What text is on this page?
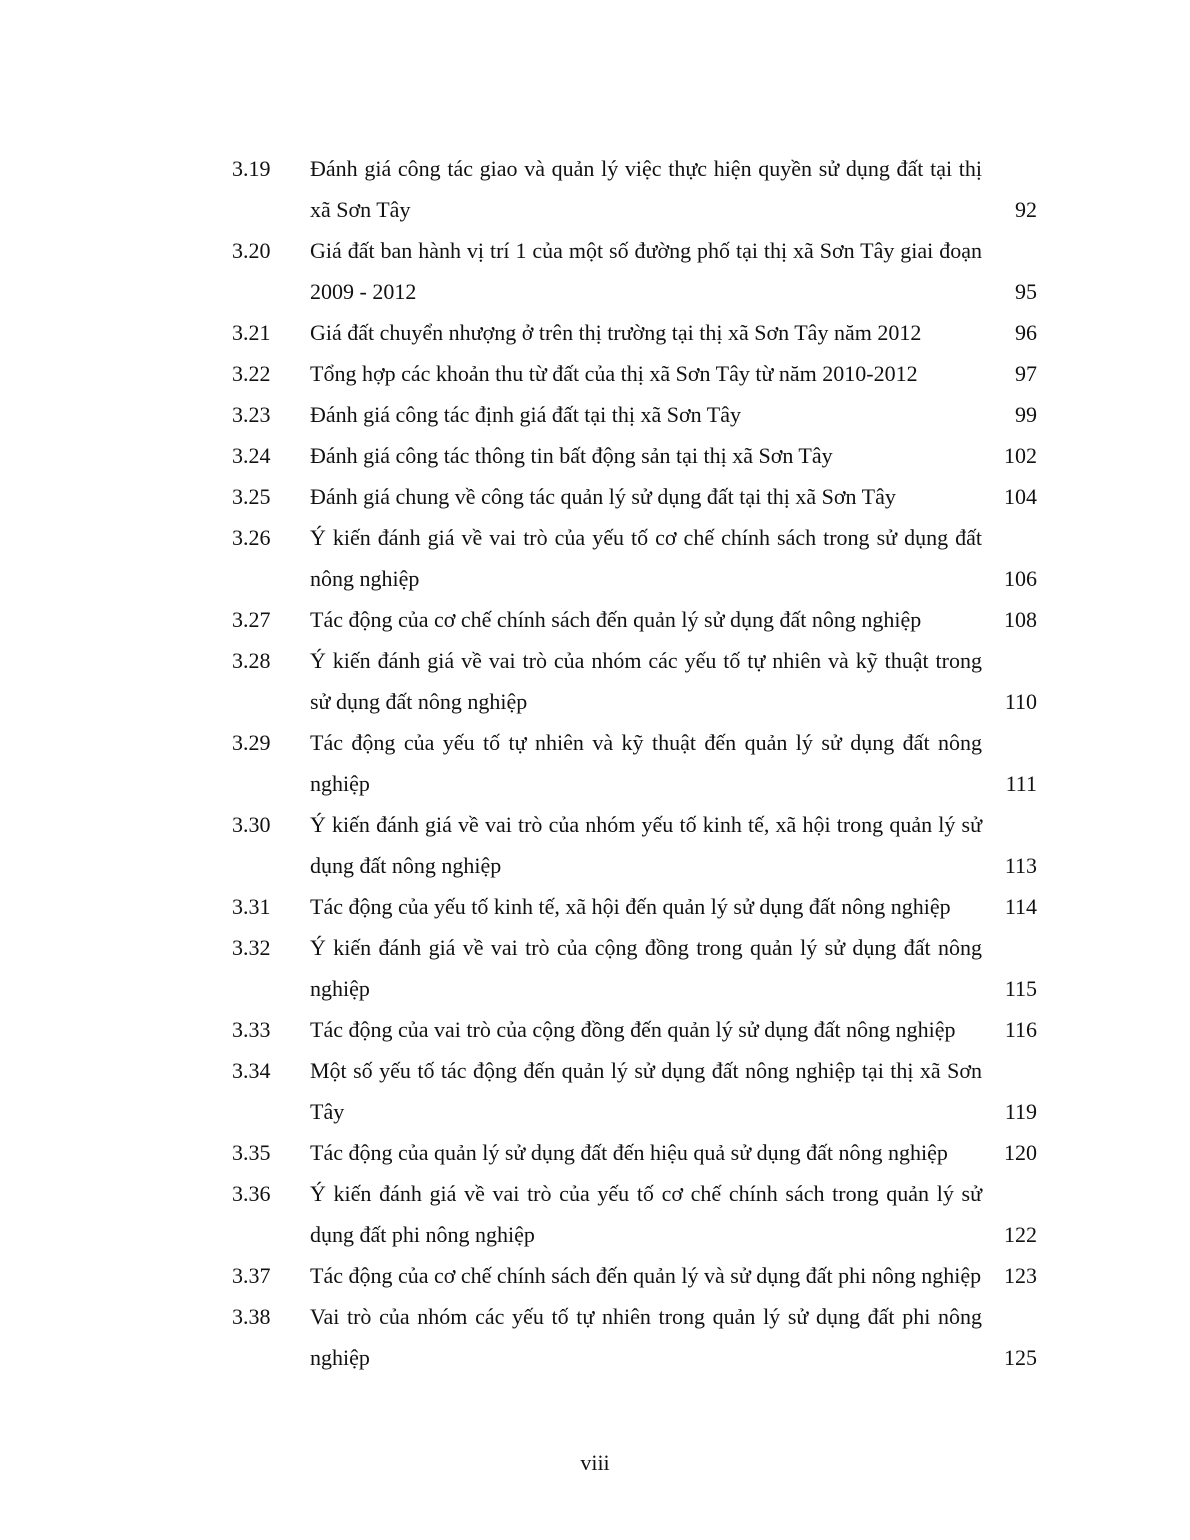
3.19	Đánh giá công tác giao và quản lý việc thực hiện quyền sử dụng đất tại thị xã Sơn Tây	92
3.20	Giá đất ban hành vị trí 1 của một số đường phố tại thị xã Sơn Tây giai đoạn 2009 - 2012	95
3.21	Giá đất chuyển nhượng ở trên thị trường tại thị xã Sơn Tây năm 2012	96
3.22	Tổng hợp các khoản thu từ đất của thị xã Sơn Tây từ năm 2010-2012	97
3.23	Đánh giá công tác định giá đất tại thị xã Sơn Tây	99
3.24	Đánh giá công tác thông tin bất động sản tại thị xã Sơn Tây	102
3.25	Đánh giá chung về công tác quản lý sử dụng đất tại thị xã Sơn Tây	104
3.26	Ý kiến đánh giá về vai trò của yếu tố cơ chế chính sách trong sử dụng đất nông nghiệp	106
3.27	Tác động của cơ chế chính sách đến quản lý sử dụng đất nông nghiệp	108
3.28	Ý kiến đánh giá về vai trò của nhóm các yếu tố tự nhiên và kỹ thuật trong sử dụng đất nông nghiệp	110
3.29	Tác động của yếu tố tự nhiên và kỹ thuật đến quản lý sử dụng đất nông nghiệp	111
3.30	Ý kiến đánh giá về vai trò của nhóm yếu tố kinh tế, xã hội trong quản lý sử dụng đất nông nghiệp	113
3.31	Tác động của yếu tố kinh tế, xã hội đến quản lý sử dụng đất nông nghiệp	114
3.32	Ý kiến đánh giá về vai trò của cộng đồng trong quản lý sử dụng đất nông nghiệp	115
3.33	Tác động của vai trò của cộng đồng đến quản lý sử dụng đất nông nghiệp	116
3.34	Một số yếu tố tác động đến quản lý sử dụng đất nông nghiệp tại thị xã Sơn Tây	119
3.35	Tác động của quản lý sử dụng đất đến hiệu quả sử dụng đất nông nghiệp	120
3.36	Ý kiến đánh giá về vai trò của yếu tố cơ chế chính sách trong quản lý sử dụng đất phi nông nghiệp	122
3.37	Tác động của cơ chế chính sách đến quản lý và sử dụng đất phi nông nghiệp	123
3.38	Vai trò của nhóm các yếu tố tự nhiên trong quản lý sử dụng đất phi nông nghiệp	125
viii
